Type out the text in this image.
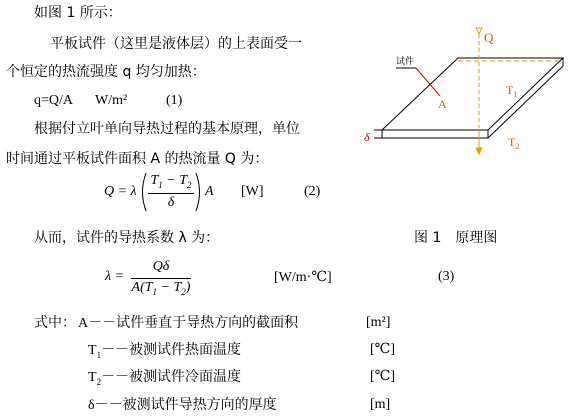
如图 1 所示：
平板试件（这里是液体层）的上表面受一
个恒定的热流强度 q 均匀加热：
q=Q/A W/m²	(1)
根据付立叶单向导热过程的基本原理，单位
时间通过平板试件面积 A 的热流量 Q 为：
Q = λ
$T_1 - T_2$
δ
A [W]	(2)
从而，试件的导热系数 λ 为：
λ =
Qδ
$A(T_1 - T_2)$
[W/m·℃]	(3)
式中： A－－试件垂直于导热方向的截面积	[m²]
$T_1--$被测试件热面温度	[℃]
$T_2--$被测试件冷面温度	[℃]
δ－－被测试件导热方向的厚度	[m]
试件
Q
A
$T_1$
$T_2$
δ
图 1　原理图
